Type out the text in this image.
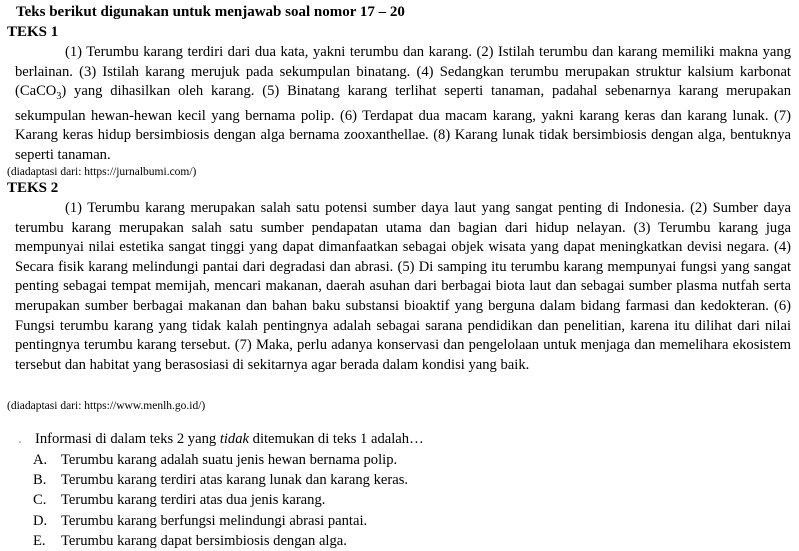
Teks berikut digunakan untuk menjawab soal nomor 17 – 20
TEKS 1

(1) Terumbu karang terdiri dari dua kata, yakni terumbu dan karang. (2) Istilah terumbu dan karang memiliki makna yang berlainan. (3) Istilah karang merujuk pada sekumpulan binatang. (4) Sedangkan terumbu merupakan struktur kalsium karbonat (CaCO$_3$) yang dihasilkan oleh karang. (5) Binatang karang terlihat seperti tanaman, padahal sebenarnya karang merupakan sekumpulan hewan-hewan kecil yang bernama polip. (6) Terdapat dua macam karang, yakni karang keras dan karang lunak. (7) Karang keras hidup bersimbiosis dengan alga bernama zooxanthellae. (8) Karang lunak tidak bersimbiosis dengan alga, bentuknya seperti tanaman.

(diadaptasi dari: https://jurnalbumi.com/)
TEKS 2

(1) Terumbu karang merupakan salah satu potensi sumber daya laut yang sangat penting di Indonesia. (2) Sumber daya terumbu karang merupakan salah satu sumber pendapatan utama dan bagian dari hidup nelayan. (3) Terumbu karang juga mempunyai nilai estetika sangat tinggi yang dapat dimanfaatkan sebagai objek wisata yang dapat meningkatkan devisi negara. (4) Secara fisik karang melindungi pantai dari degradasi dan abrasi. (5) Di samping itu terumbu karang mempunyai fungsi yang sangat penting sebagai tempat memijah, mencari makanan, daerah asuhan dari berbagai biota laut dan sebagai sumber plasma nutfah serta merupakan sumber berbagai makanan dan bahan baku substansi bioaktif yang berguna dalam bidang farmasi dan kedokteran. (6) Fungsi terumbu karang yang tidak kalah pentingnya adalah sebagai sarana pendidikan dan penelitian, karena itu dilihat dari nilai pentingnya terumbu karang tersebut. (7) Maka, perlu adanya konservasi dan pengelolaan untuk menjaga dan memelihara ekosistem tersebut dan habitat yang berasosiasi di sekitarnya agar berada dalam kondisi yang baik.

(diadaptasi dari: https://www.menlh.go.id/)
. Informasi di dalam teks 2 yang tidak ditemukan di teks 1 adalah…
A. Terumbu karang adalah suatu jenis hewan bernama polip.
B. Terumbu karang terdiri atas karang lunak dan karang keras.
C. Terumbu karang terdiri atas dua jenis karang.
D. Terumbu karang berfungsi melindungi abrasi pantai.
E. Terumbu karang dapat bersimbiosis dengan alga.
